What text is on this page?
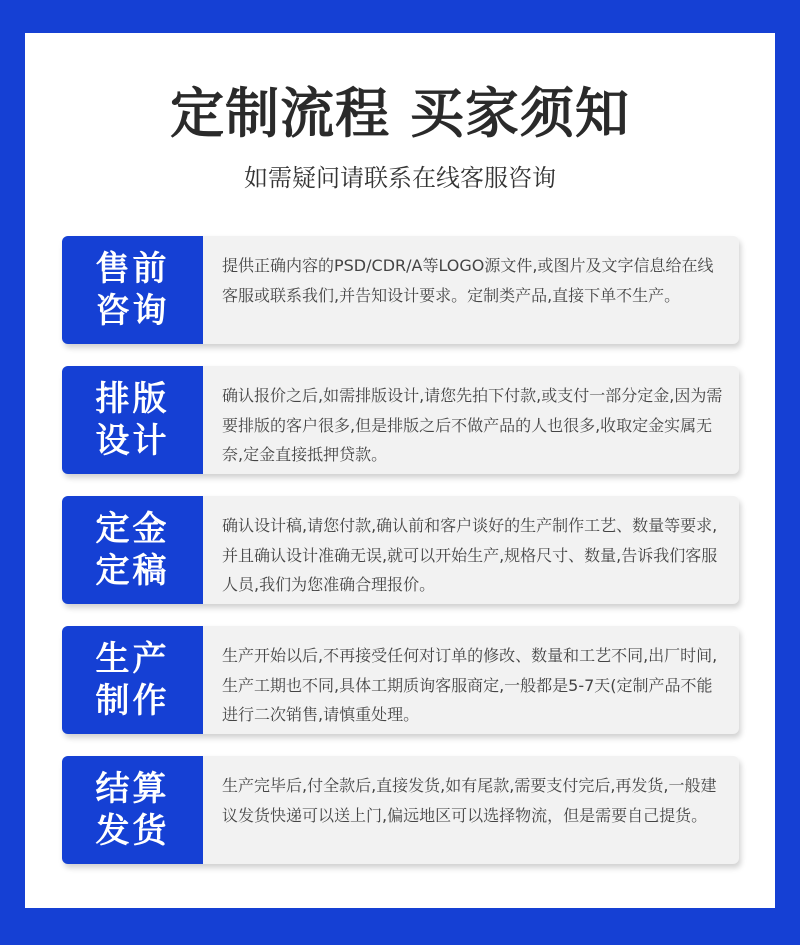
定制流程 买家须知
如需疑问请联系在线客服咨询
售前
咨询
提供正确内容的PSD/CDR/A等LOGO源文件,或图片及文字信息给在线客服或联系我们,并告知设计要求。定制类产品,直接下单不生产。
排版
设计
确认报价之后,如需排版设计,请您先拍下付款,或支付一部分定金,因为需要排版的客户很多,但是排版之后不做产品的人也很多,收取定金实属无奈,定金直接抵押贷款。
定金
定稿
确认设计稿,请您付款,确认前和客户谈好的生产制作工艺、数量等要求,并且确认设计准确无误,就可以开始生产,规格尺寸、数量,告诉我们客服人员,我们为您准确合理报价。
生产
制作
生产开始以后,不再接受任何对订单的修改、数量和工艺不同,出厂时间,生产工期也不同,具体工期质询客服商定,一般都是5-7天(定制产品不能进行二次销售,请慎重处理。
结算
发货
生产完毕后,付全款后,直接发货,如有尾款,需要支付完后,再发货,一般建议发货快递可以送上门,偏远地区可以选择物流，但是需要自己提货。
